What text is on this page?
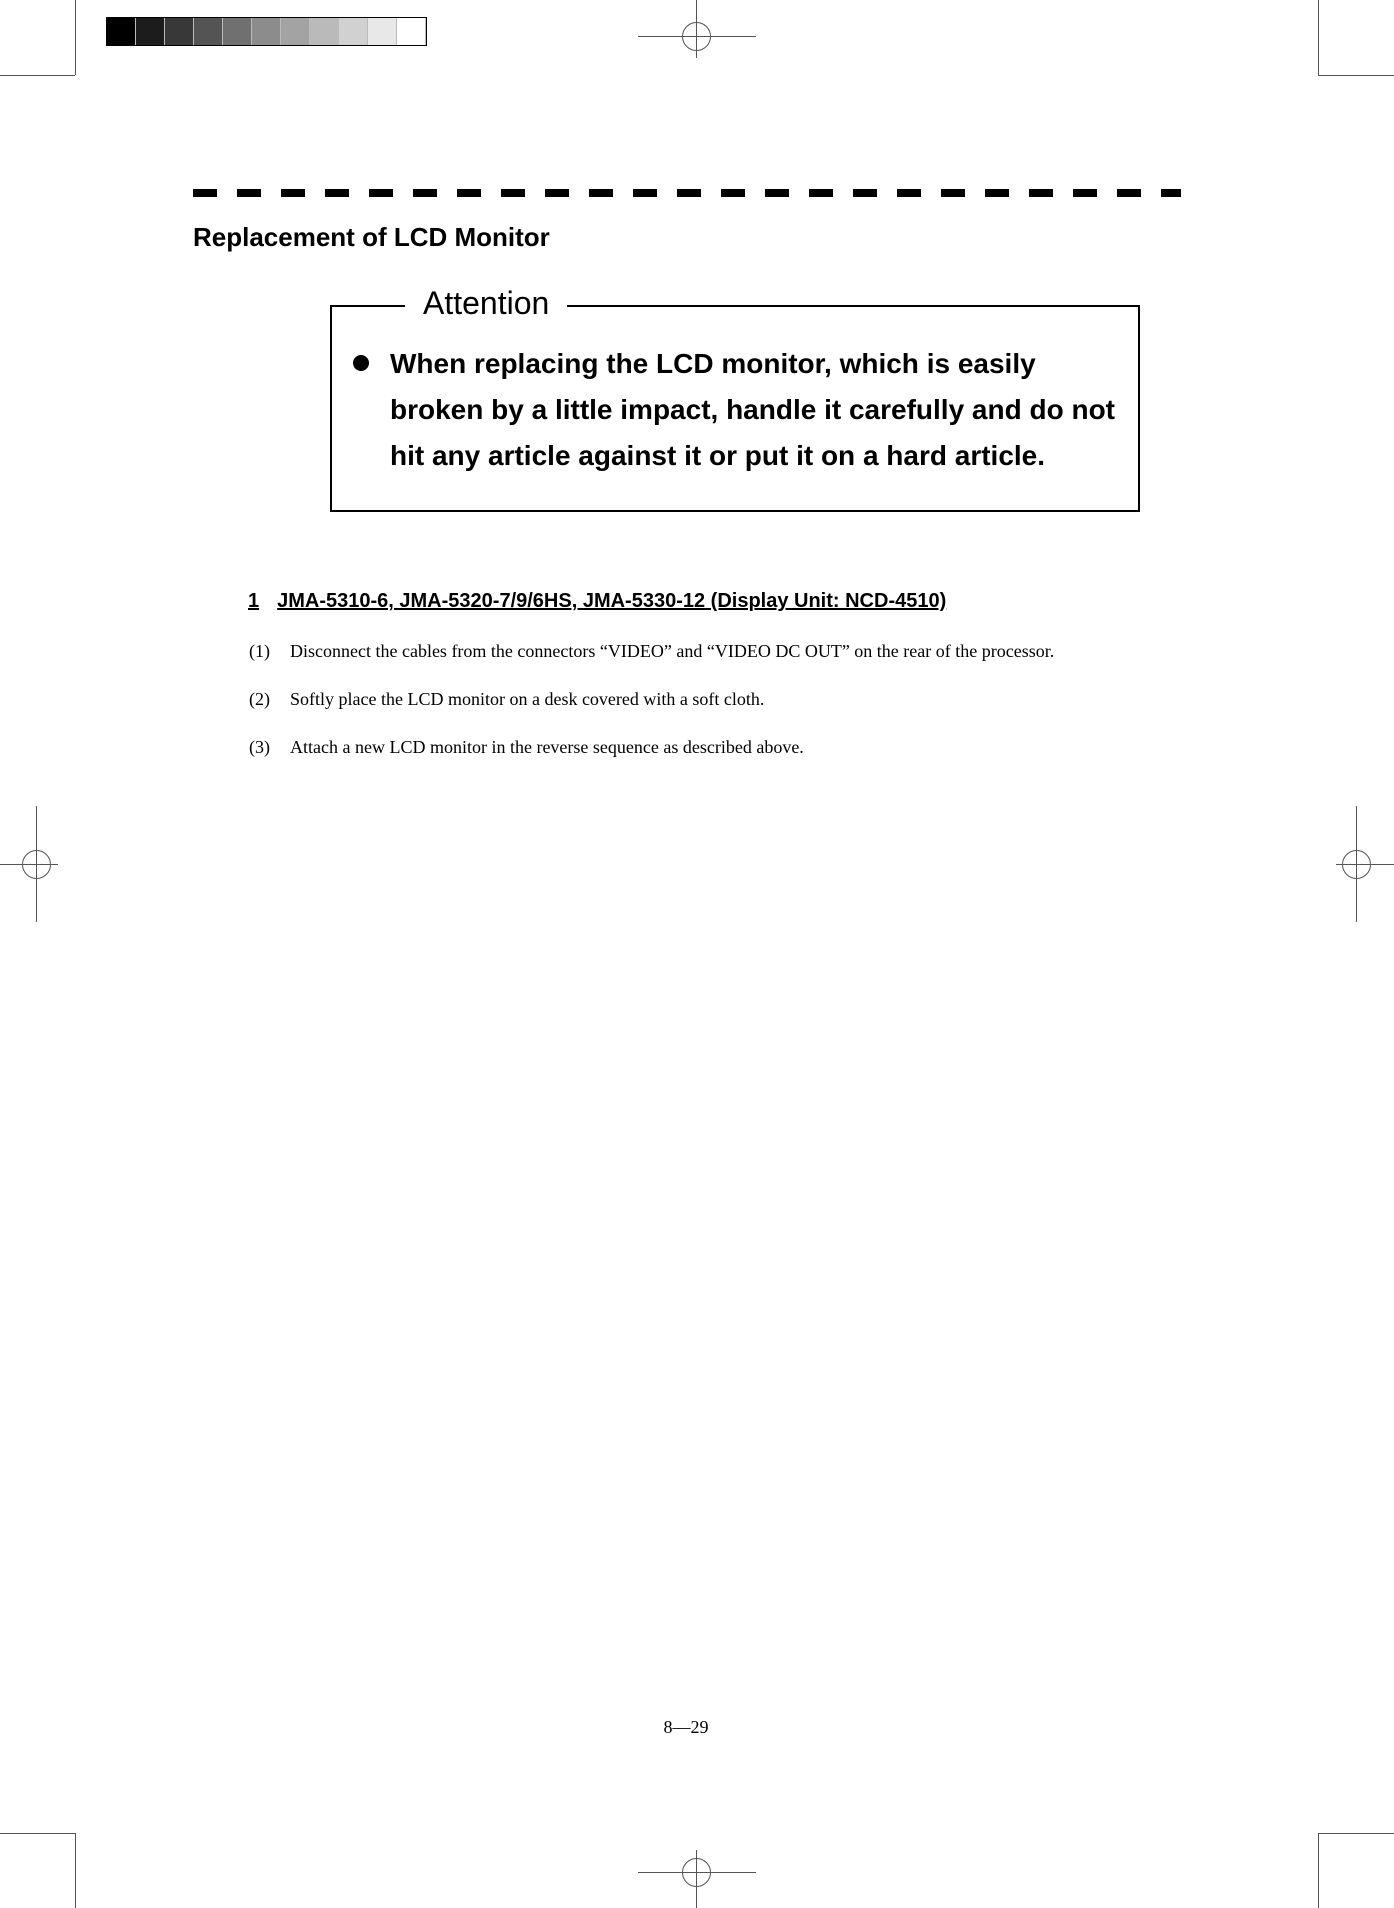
Replacement of LCD Monitor
Attention
When replacing the LCD monitor, which is easily broken by a little impact, handle it carefully and do not hit any article against it or put it on a hard article.
1 JMA-5310-6, JMA-5320-7/9/6HS, JMA-5330-12 (Display Unit: NCD-4510)
(1) Disconnect the cables from the connectors “VIDEO” and “VIDEO DC OUT” on the rear of the processor.
(2) Softly place the LCD monitor on a desk covered with a soft cloth.
(3) Attach a new LCD monitor in the reverse sequence as described above.
8—29
